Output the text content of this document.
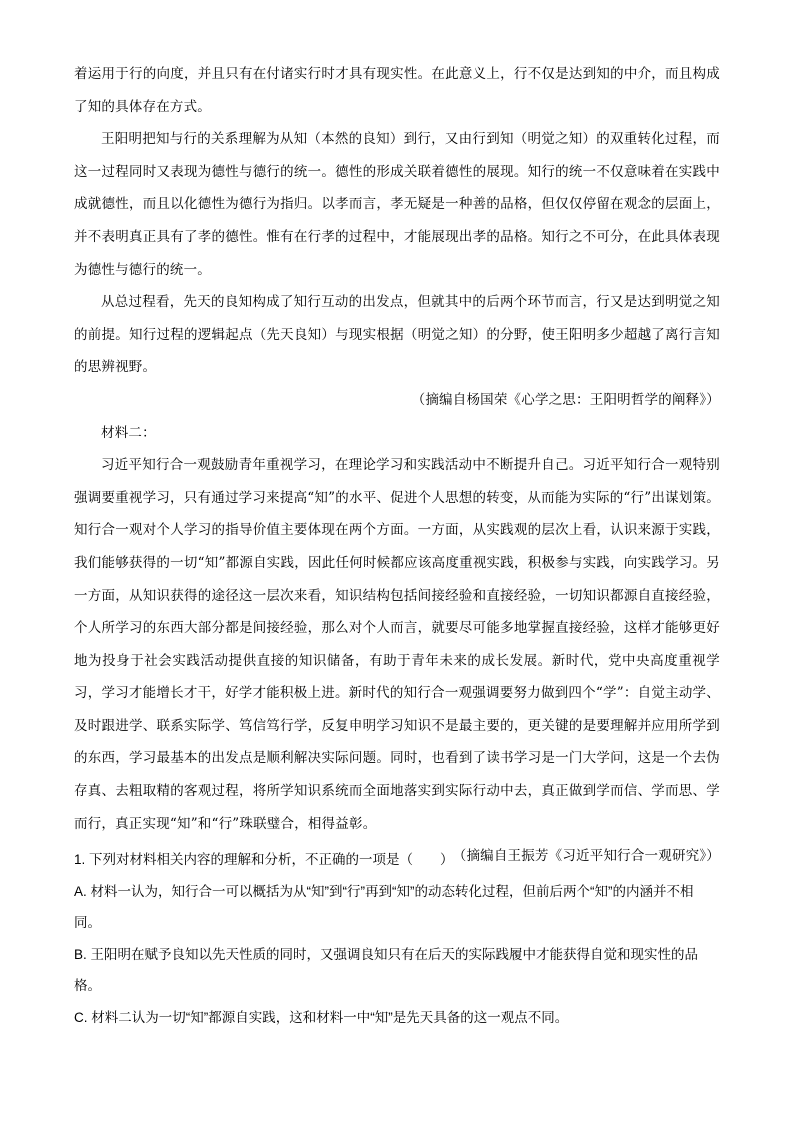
着运用于行的向度，并且只有在付诸实行时才具有现实性。在此意义上，行不仅是达到知的中介，而且构成了知的具体存在方式。

王阳明把知与行的关系理解为从知（本然的良知）到行，又由行到知（明觉之知）的双重转化过程，而这一过程同时又表现为德性与德行的统一。德性的形成关联着德性的展现。知行的统一不仅意味着在实践中成就德性，而且以化德性为德行为指归。以孝而言，孝无疑是一种善的品格，但仅仅停留在观念的层面上，并不表明真正具有了孝的德性。惟有在行孝的过程中，才能展现出孝的品格。知行之不可分，在此具体表现为德性与德行的统一。

从总过程看，先天的良知构成了知行互动的出发点，但就其中的后两个环节而言，行又是达到明觉之知的前提。知行过程的逻辑起点（先天良知）与现实根据（明觉之知）的分野，使王阳明多少超越了离行言知的思辨视野。

（摘编自杨国荣《心学之思：王阳明哲学的阐释》）

材料二：

习近平知行合一观鼓励青年重视学习，在理论学习和实践活动中不断提升自己。习近平知行合一观特别强调要重视学习，只有通过学习来提高“知”的水平、促进个人思想的转变，从而能为实际的“行”出谋划策。知行合一观对个人学习的指导价值主要体现在两个方面。一方面，从实践观的层次上看，认识来源于实践，我们能够获得的一切“知”都源自实践，因此任何时候都应该高度重视实践，积极参与实践，向实践学习。另一方面，从知识获得的途径这一层次来看，知识结构包括间接经验和直接经验，一切知识都源自直接经验，个人所学习的东西大部分都是间接经验，那么对个人而言，就要尽可能多地掌握直接经验，这样才能够更好地为投身于社会实践活动提供直接的知识储备，有助于青年未来的成长发展。新时代，党中央高度重视学习，学习才能增长才干，好学才能积极上进。新时代的知行合一观强调要努力做到四个“学”：自觉主动学、及时跟进学、联系实际学、笃信笃行学，反复申明学习知识不是最主要的，更关键的是要理解并应用所学到的东西，学习最基本的出发点是顺利解决实际问题。同时，也看到了读书学习是一门大学问，这是一个去伪存真、去粗取精的客观过程，将所学知识系统而全面地落实到实际行动中去，真正做到学而信、学而思、学而行，真正实现“知”和“行”珠联璧合，相得益彰。

（摘编自王振芳《习近平知行合一观研究》）

1. 下列对材料相关内容的理解和分析，不正确的一项是（　　）

A. 材料一认为，知行合一可以概括为从“知”到“行”再到“知”的动态转化过程，但前后两个“知”的内涵并不相同。

B. 王阳明在赋予良知以先天性质的同时，又强调良知只有在后天的实际践履中才能获得自觉和现实性的品格。

C. 材料二认为一切“知”都源自实践，这和材料一中“知”是先天具备的这一观点不同。
